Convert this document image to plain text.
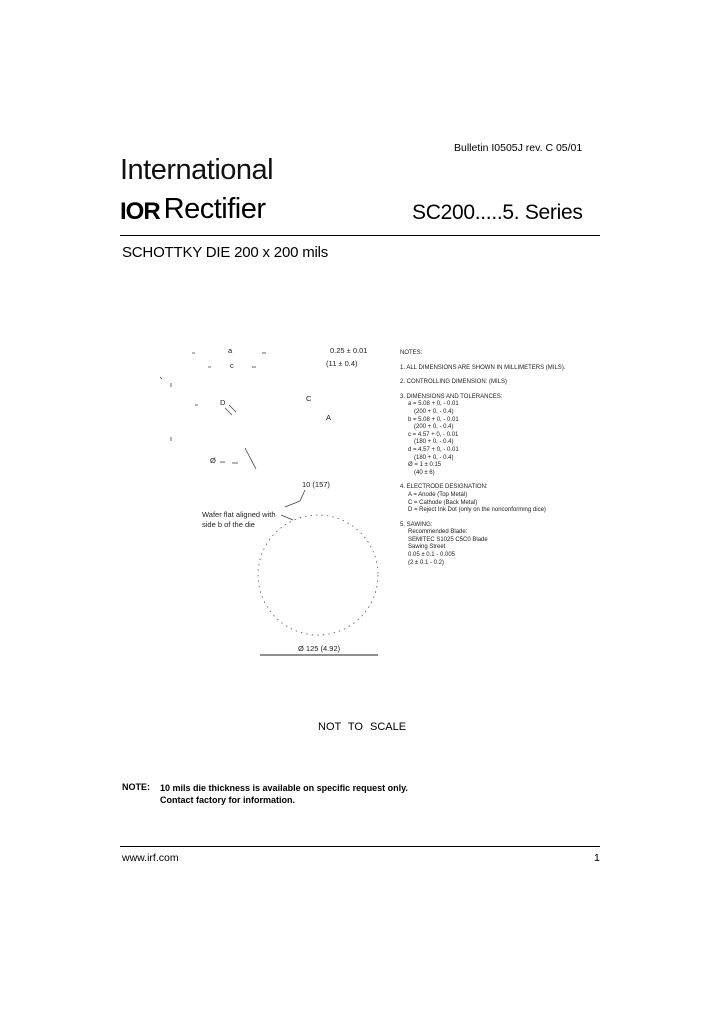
Bulletin I0505J rev. C 05/01
International
IOR Rectifier	SC200.....5. Series
SCHOTTKY DIE 200 x 200 mils
a
c
0.25 ± 0.01
(11 ± 0.4)
D	C
A
Ø
10 (157)
Wafer flat aligned with
side b of the die
Ø 125 (4.92)
NOTES:
1. ALL DIMENSIONS ARE SHOWN IN MILLIMETERS (MILS).
2. CONTROLLING DIMENSION: (MILS)
3. DIMENSIONS AND TOLERANCES:
a = 5.08 + 0, - 0.01
(200 + 0, - 0.4)
b = 5.08 + 0, - 0.01
(200 + 0, - 0.4)
c = 4.57 + 0, - 0.01
(180 + 0, - 0.4)
d = 4.57 + 0, - 0.01
(180 + 0, - 0.4)
Ø = 1 ± 0.15
(40 ± 6)
4. ELECTRODE DESIGNATION:
A = Anode (Top Metal)
C = Cathode (Back Metal)
D = Reject Ink Dot (only on the nonconforming dice)
5. SAWING:
Recommended Blade:
SEMITEC S1025 C5C0 Blade
Sawing Street
0.05 ± 0.1 - 0.005
(2 ± 0.1 - 0.2)
NOT TO SCALE
NOTE: 10 mils die thickness is available on specific request only.
Contact factory for information.
www.irf.com	1
